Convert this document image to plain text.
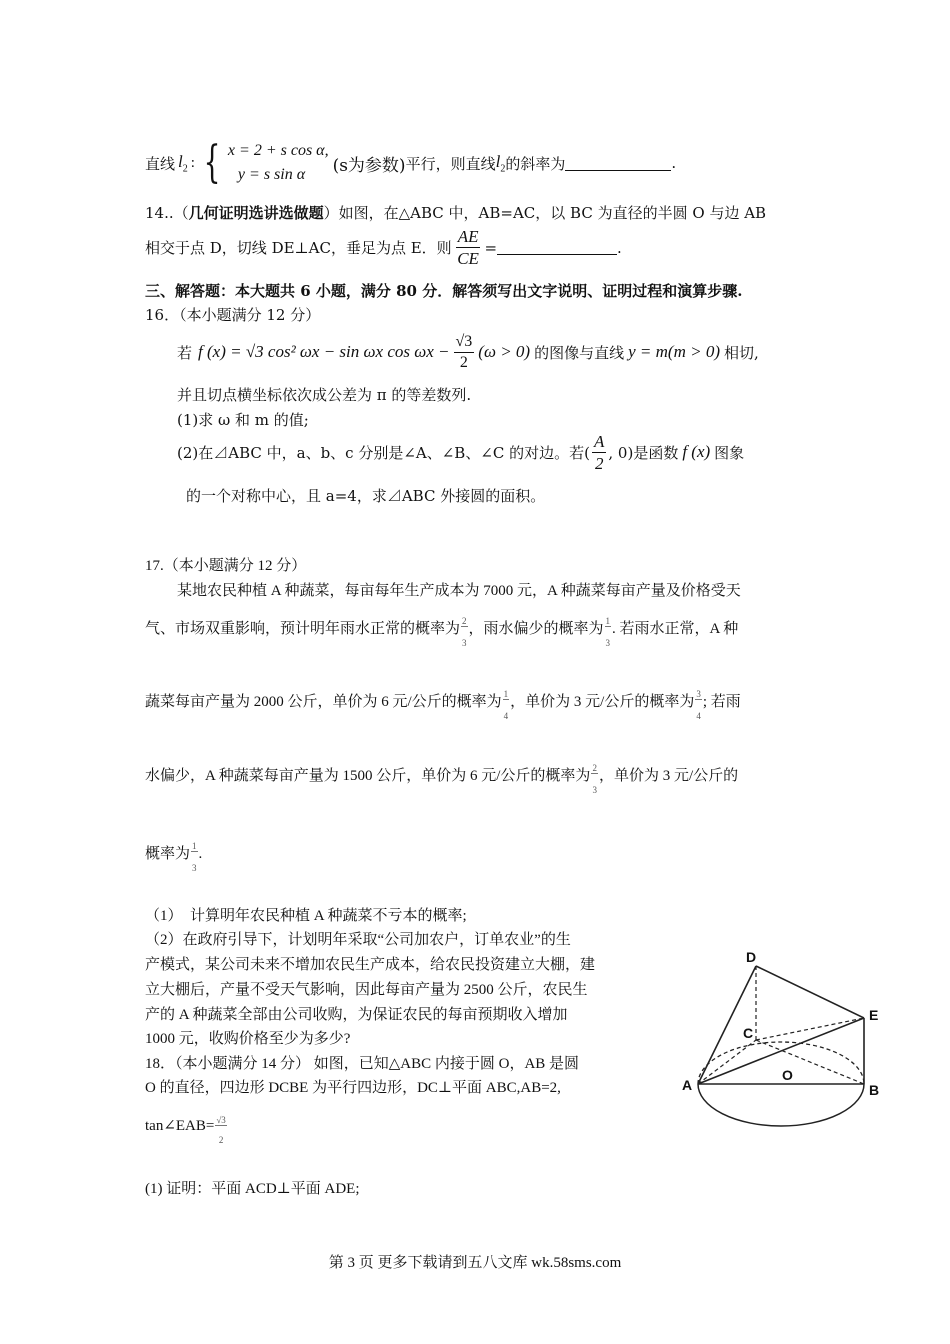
直线 $l_2$ : { x = 2 + s cos α,
y = s sin α	(s为参数) 平行，则直线 $l_2$ 的斜率为	.
14..（几何证明选讲选做题）如图，在△ABC 中，AB=AC，以 BC 为直径的半圆 O 与边 AB
相交于点 D，切线 DE⊥AC，垂足为点 E．则 $\frac{AE}{CE}$ =	.
三、解答题：本大题共 6 小题，满分 80 分．解答须写出文字说明、证明过程和演算步骤.
16．（本小题满分 12 分）
若 f (x) = √3 cos² ωx − sin ωx $\cos \omega x - \frac{√3}{2} (\omega > 0)$ 的图像与直线 y = m(m > 0) 相切,
并且切点横坐标依次成公差为 π 的等差数列.
(1)求 ω 和 m 的值;
(2)在⊿ABC 中，a、b、c 分别是∠A、∠B、∠C 的对边。若( $\frac{A}{2}$ , 0)是函数 f (x) 图象
的一个对称中心，且 a=4，求⊿ABC 外接圆的面积。
17.（本小题满分 12 分）
某地农民种植 A 种蔬菜，每亩每年生产成本为 7000 元，A 种蔬菜每亩产量及价格受天
气、市场双重影响，预计明年雨水正常的概率为 $\frac{2}{3}$ ，雨水偏少的概率为 $\frac{1}{3}$ . 若雨水正常，A 种
蔬菜每亩产量为 2000 公斤，单价为 6 元/公斤的概率为 $\frac{1}{4}$ ，单价为 3 元/公斤的概率为 $\frac{3}{4}$ ; 若雨
水偏少，A 种蔬菜每亩产量为 1500 公斤，单价为 6 元/公斤的概率为 $\frac{2}{3}$ ，单价为 3 元/公斤的
概率为 $\frac{1}{3}$ .
（1）　计算明年农民种植 A 种蔬菜不亏本的概率;
（2）在政府引导下，计划明年采取“公司加农户，订单农业”的生
产模式，某公司未来不增加农民生产成本，给农民投资建立大棚，建
立大棚后，产量不受天气影响，因此每亩产量为 2500 公斤，农民生
产的 A 种蔬菜全部由公司收购，为保证农民的每亩预期收入增加
1000 元，收购价格至少为多少?
18．（本小题满分 14 分） 如图，已知△ABC 内接于圆 O，AB 是圆
O 的直径，四边形 DCBE 为平行四边形，DC⊥平面 ABC,AB=2,
tan∠EAB= $\frac{√3}{2}$
(1) 证明：平面 ACD⊥平面 ADE;
D
E
C
O
A	B
第 3 页 更多下载请到五八文库 wk.58sms.com
